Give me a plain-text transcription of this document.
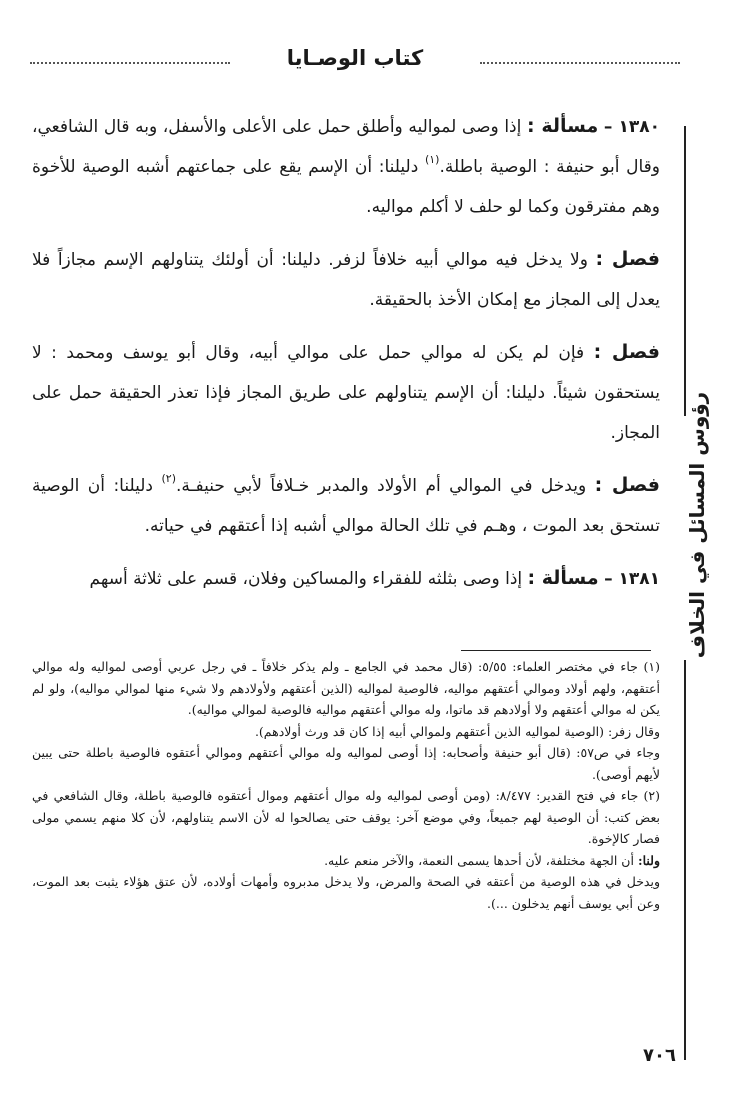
كتاب الوصـايا
رؤوس المسائل في الخلاف

١٣٨٠ – مسألة : إذا وصى لمواليه وأطلق حمل على الأعلى والأسفل، وبه قال الشافعي، وقال أبو حنيفة : الوصية باطلة.$^{(١)}$ دليلنا: أن الإسم يقع على جماعتهم أشبه الوصية للأخوة وهم مفترقون وكما لو حلف لا أكلم مواليه.

فصل : ولا يدخل فيه موالي أبيه خلافاً لزفر. دليلنا: أن أولئك يتناولهم الإسم مجازاً فلا يعدل إلى المجاز مع إمكان الأخذ بالحقيقة.

فصل : فإن لم يكن له موالي حمل على موالي أبيه، وقال أبو يوسف ومحمد : لا يستحقون شيئاً. دليلنا: أن الإسم يتناولهم على طريق المجاز فإذا تعذر الحقيقة حمل على المجاز.

فصل : ويدخل في الموالي أم الأولاد والمدبر خـلافاً لأبي حنيفـة.$^{(٢)}$ دليلنا: أن الوصية تستحق بعد الموت ، وهـم في تلك الحالة موالي أشبه إذا أعتقهم في حياته.

١٣٨١ – مسألة : إذا وصى بثلثه للفقراء والمساكين وفلان، قسم على ثلاثة أسهم

(١) جاء في مختصر العلماء: ٥/٥٥: (قال محمد في الجامع ـ ولم يذكر خلافاً ـ في رجل عربي أوصى لمواليه وله موالي أعتقهم، ولهم أولاد وموالي أعتقهم مواليه، فالوصية لمواليه (الذين أعتقهم ولأولادهم ولا شيء منها لموالي مواليه)، ولو لم يكن له موالي أعتقهم ولا أولادهم قد ماتوا، وله موالي أعتقهم مواليه فالوصية لموالي مواليه).

وقال زفر: (الوصية لمواليه الذين أعتقهم ولموالي أبيه إذا كان قد ورث أولادهم).

وجاء في ص٥٧: (قال أبو حنيفة وأصحابه: إذا أوصى لمواليه وله موالي أعتقهم وموالي أعتقوه فالوصية باطلة حتى يبين لأيهم أوصى).

(٢) جاء في فتح القدير: ٨/٤٧٧: (ومن أوصى لمواليه وله موال أعتقهم وموال أعتقوه فالوصية باطلة، وقال الشافعي في بعض كتب: أن الوصية لهم جميعاً، وفي موضع آخر: يوقف حتى يصالحوا له لأن الاسم يتناولهم، لأن كلا منهم يسمي مولى فصار كالإخوة.

ولنا: أن الجهة مختلفة، لأن أحدها يسمى النعمة، والآخر منعم عليه.

ويدخل في هذه الوصية من أعتقه في الصحة والمرض، ولا يدخل مدبروه وأمهات أولاده، لأن عتق هؤلاء يثبت بعد الموت، وعن أبي يوسف أنهم يدخلون ...).

٧٠٦
